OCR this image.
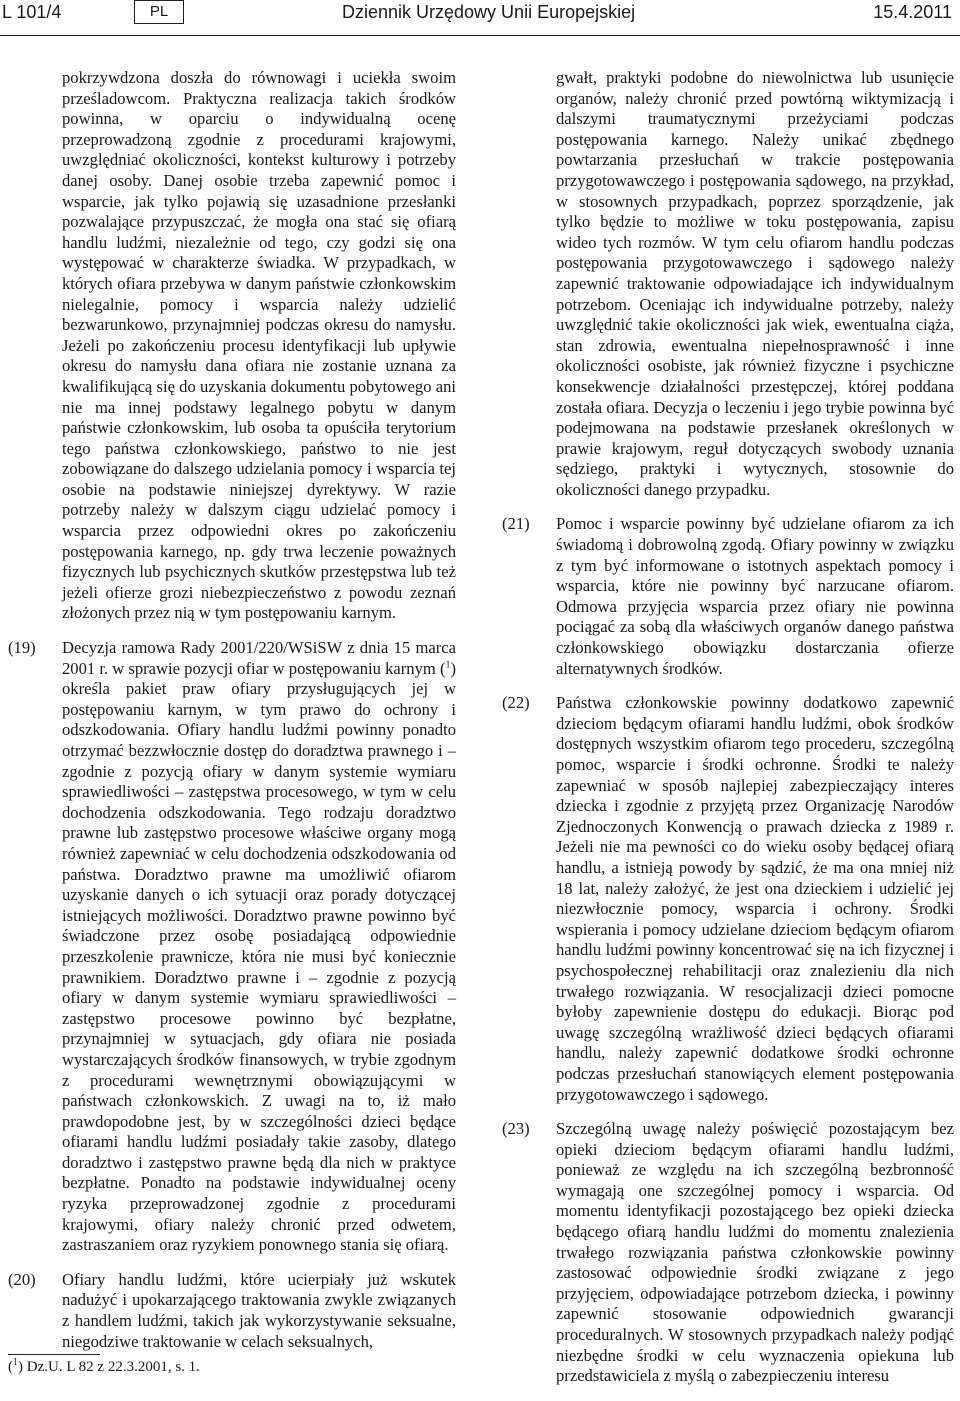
L 101/4	PL	Dziennik Urzędowy Unii Europejskiej	15.4.2011
pokrzywdzona doszła do równowagi i uciekła swoim prześladowcom. Praktyczna realizacja takich środków powinna, w oparciu o indywidualną ocenę przeprowadzoną zgodnie z procedurami krajowymi, uwzględniać okoliczności, kontekst kulturowy i potrzeby danej osoby. Danej osobie trzeba zapewnić pomoc i wsparcie, jak tylko pojawią się uzasadnione przesłanki pozwalające przypuszczać, że mogła ona stać się ofiarą handlu ludźmi, niezależnie od tego, czy godzi się ona występować w charakterze świadka. W przypadkach, w których ofiara przebywa w danym państwie członkowskim nielegalnie, pomocy i wsparcia należy udzielić bezwarunkowo, przynajmniej podczas okresu do namysłu. Jeżeli po zakończeniu procesu identyfikacji lub upływie okresu do namysłu dana ofiara nie zostanie uznana za kwalifikującą się do uzyskania dokumentu pobytowego ani nie ma innej podstawy legalnego pobytu w danym państwie członkowskim, lub osoba ta opuściła terytorium tego państwa członkowskiego, państwo to nie jest zobowiązane do dalszego udzielania pomocy i wsparcia tej osobie na podstawie niniejszej dyrektywy. W razie potrzeby należy w dalszym ciągu udzielać pomocy i wsparcia przez odpowiedni okres po zakończeniu postępowania karnego, np. gdy trwa leczenie poważnych fizycznych lub psychicznych skutków przestępstwa lub też jeżeli ofierze grozi niebezpieczeństwo z powodu zeznań złożonych przez nią w tym postępowaniu karnym.
(19)	Decyzja ramowa Rady 2001/220/WSiSW z dnia 15 marca 2001 r. w sprawie pozycji ofiar w postępowaniu karnym ($^1$) określa pakiet praw ofiary przysługujących jej w postępowaniu karnym, w tym prawo do ochrony i odszkodowania. Ofiary handlu ludźmi powinny ponadto otrzymać bezzwłocznie dostęp do doradztwa prawnego i – zgodnie z pozycją ofiary w danym systemie wymiaru sprawiedliwości – zastępstwa procesowego, w tym w celu dochodzenia odszkodowania. Tego rodzaju doradztwo prawne lub zastępstwo procesowe właściwe organy mogą również zapewniać w celu dochodzenia odszkodowania od państwa. Doradztwo prawne ma umożliwić ofiarom uzyskanie danych o ich sytuacji oraz porady dotyczącej istniejących możliwości. Doradztwo prawne powinno być świadczone przez osobę posiadającą odpowiednie przeszkolenie prawnicze, która nie musi być koniecznie prawnikiem. Doradztwo prawne i – zgodnie z pozycją ofiary w danym systemie wymiaru sprawiedliwości – zastępstwo procesowe powinno być bezpłatne, przynajmniej w sytuacjach, gdy ofiara nie posiada wystarczających środków finansowych, w trybie zgodnym z procedurami wewnętrznymi obowiązującymi w państwach członkowskich. Z uwagi na to, iż mało prawdopodobne jest, by w szczególności dzieci będące ofiarami handlu ludźmi posiadały takie zasoby, dlatego doradztwo i zastępstwo prawne będą dla nich w praktyce bezpłatne. Ponadto na podstawie indywidualnej oceny ryzyka przeprowadzonej zgodnie z procedurami krajowymi, ofiary należy chronić przed odwetem, zastraszaniem oraz ryzykiem ponownego stania się ofiarą.
(20)	Ofiary handlu ludźmi, które ucierpiały już wskutek nadużyć i upokarzającego traktowania zwykle związanych z handlem ludźmi, takich jak wykorzystywanie seksualne, niegodziwe traktowanie w celach seksualnych,
gwałt, praktyki podobne do niewolnictwa lub usunięcie organów, należy chronić przed powtórną wiktymizacją i dalszymi traumatycznymi przeżyciami podczas postępowania karnego. Należy unikać zbędnego powtarzania przesłuchań w trakcie postępowania przygotowawczego i postępowania sądowego, na przykład, w stosownych przypadkach, poprzez sporządzenie, jak tylko będzie to możliwe w toku postępowania, zapisu wideo tych rozmów. W tym celu ofiarom handlu podczas postępowania przygotowawczego i sądowego należy zapewnić traktowanie odpowiadające ich indywidualnym potrzebom. Oceniając ich indywidualne potrzeby, należy uwzględnić takie okoliczności jak wiek, ewentualna ciąża, stan zdrowia, ewentualna niepełnosprawność i inne okoliczności osobiste, jak również fizyczne i psychiczne konsekwencje działalności przestępczej, której poddana została ofiara. Decyzja o leczeniu i jego trybie powinna być podejmowana na podstawie przesłanek określonych w prawie krajowym, reguł dotyczących swobody uznania sędziego, praktyki i wytycznych, stosownie do okoliczności danego przypadku.
(21)	Pomoc i wsparcie powinny być udzielane ofiarom za ich świadomą i dobrowolną zgodą. Ofiary powinny w związku z tym być informowane o istotnych aspektach pomocy i wsparcia, które nie powinny być narzucane ofiarom. Odmowa przyjęcia wsparcia przez ofiary nie powinna pociągać za sobą dla właściwych organów danego państwa członkowskiego obowiązku dostarczania ofierze alternatywnych środków.
(22)	Państwa członkowskie powinny dodatkowo zapewnić dzieciom będącym ofiarami handlu ludźmi, obok środków dostępnych wszystkim ofiarom tego procederu, szczególną pomoc, wsparcie i środki ochronne. Środki te należy zapewniać w sposób najlepiej zabezpieczający interes dziecka i zgodnie z przyjętą przez Organizację Narodów Zjednoczonych Konwencją o prawach dziecka z 1989 r. Jeżeli nie ma pewności co do wieku osoby będącej ofiarą handlu, a istnieją powody by sądzić, że ma ona mniej niż 18 lat, należy założyć, że jest ona dzieckiem i udzielić jej niezwłocznie pomocy, wsparcia i ochrony. Środki wspierania i pomocy udzielane dzieciom będącym ofiarom handlu ludźmi powinny koncentrować się na ich fizycznej i psychospołecznej rehabilitacji oraz znalezieniu dla nich trwałego rozwiązania. W resocjalizacji dzieci pomocne byłoby zapewnienie dostępu do edukacji. Biorąc pod uwagę szczególną wrażliwość dzieci będących ofiarami handlu, należy zapewnić dodatkowe środki ochronne podczas przesłuchań stanowiących element postępowania przygotowawczego i sądowego.
(23)	Szczególną uwagę należy poświęcić pozostającym bez opieki dzieciom będącym ofiarami handlu ludźmi, ponieważ ze względu na ich szczególną bezbronność wymagają one szczególnej pomocy i wsparcia. Od momentu identyfikacji pozostającego bez opieki dziecka będącego ofiarą handlu ludźmi do momentu znalezienia trwałego rozwiązania państwa członkowskie powinny zastosować odpowiednie środki związane z jego przyjęciem, odpowiadające potrzebom dziecka, i powinny zapewnić stosowanie odpowiednich gwarancji proceduralnych. W stosownych przypadkach należy podjąć niezbędne środki w celu wyznaczenia opiekuna lub przedstawiciela z myślą o zabezpieczeniu interesu
($^1$) Dz.U. L 82 z 22.3.2001, s. 1.
